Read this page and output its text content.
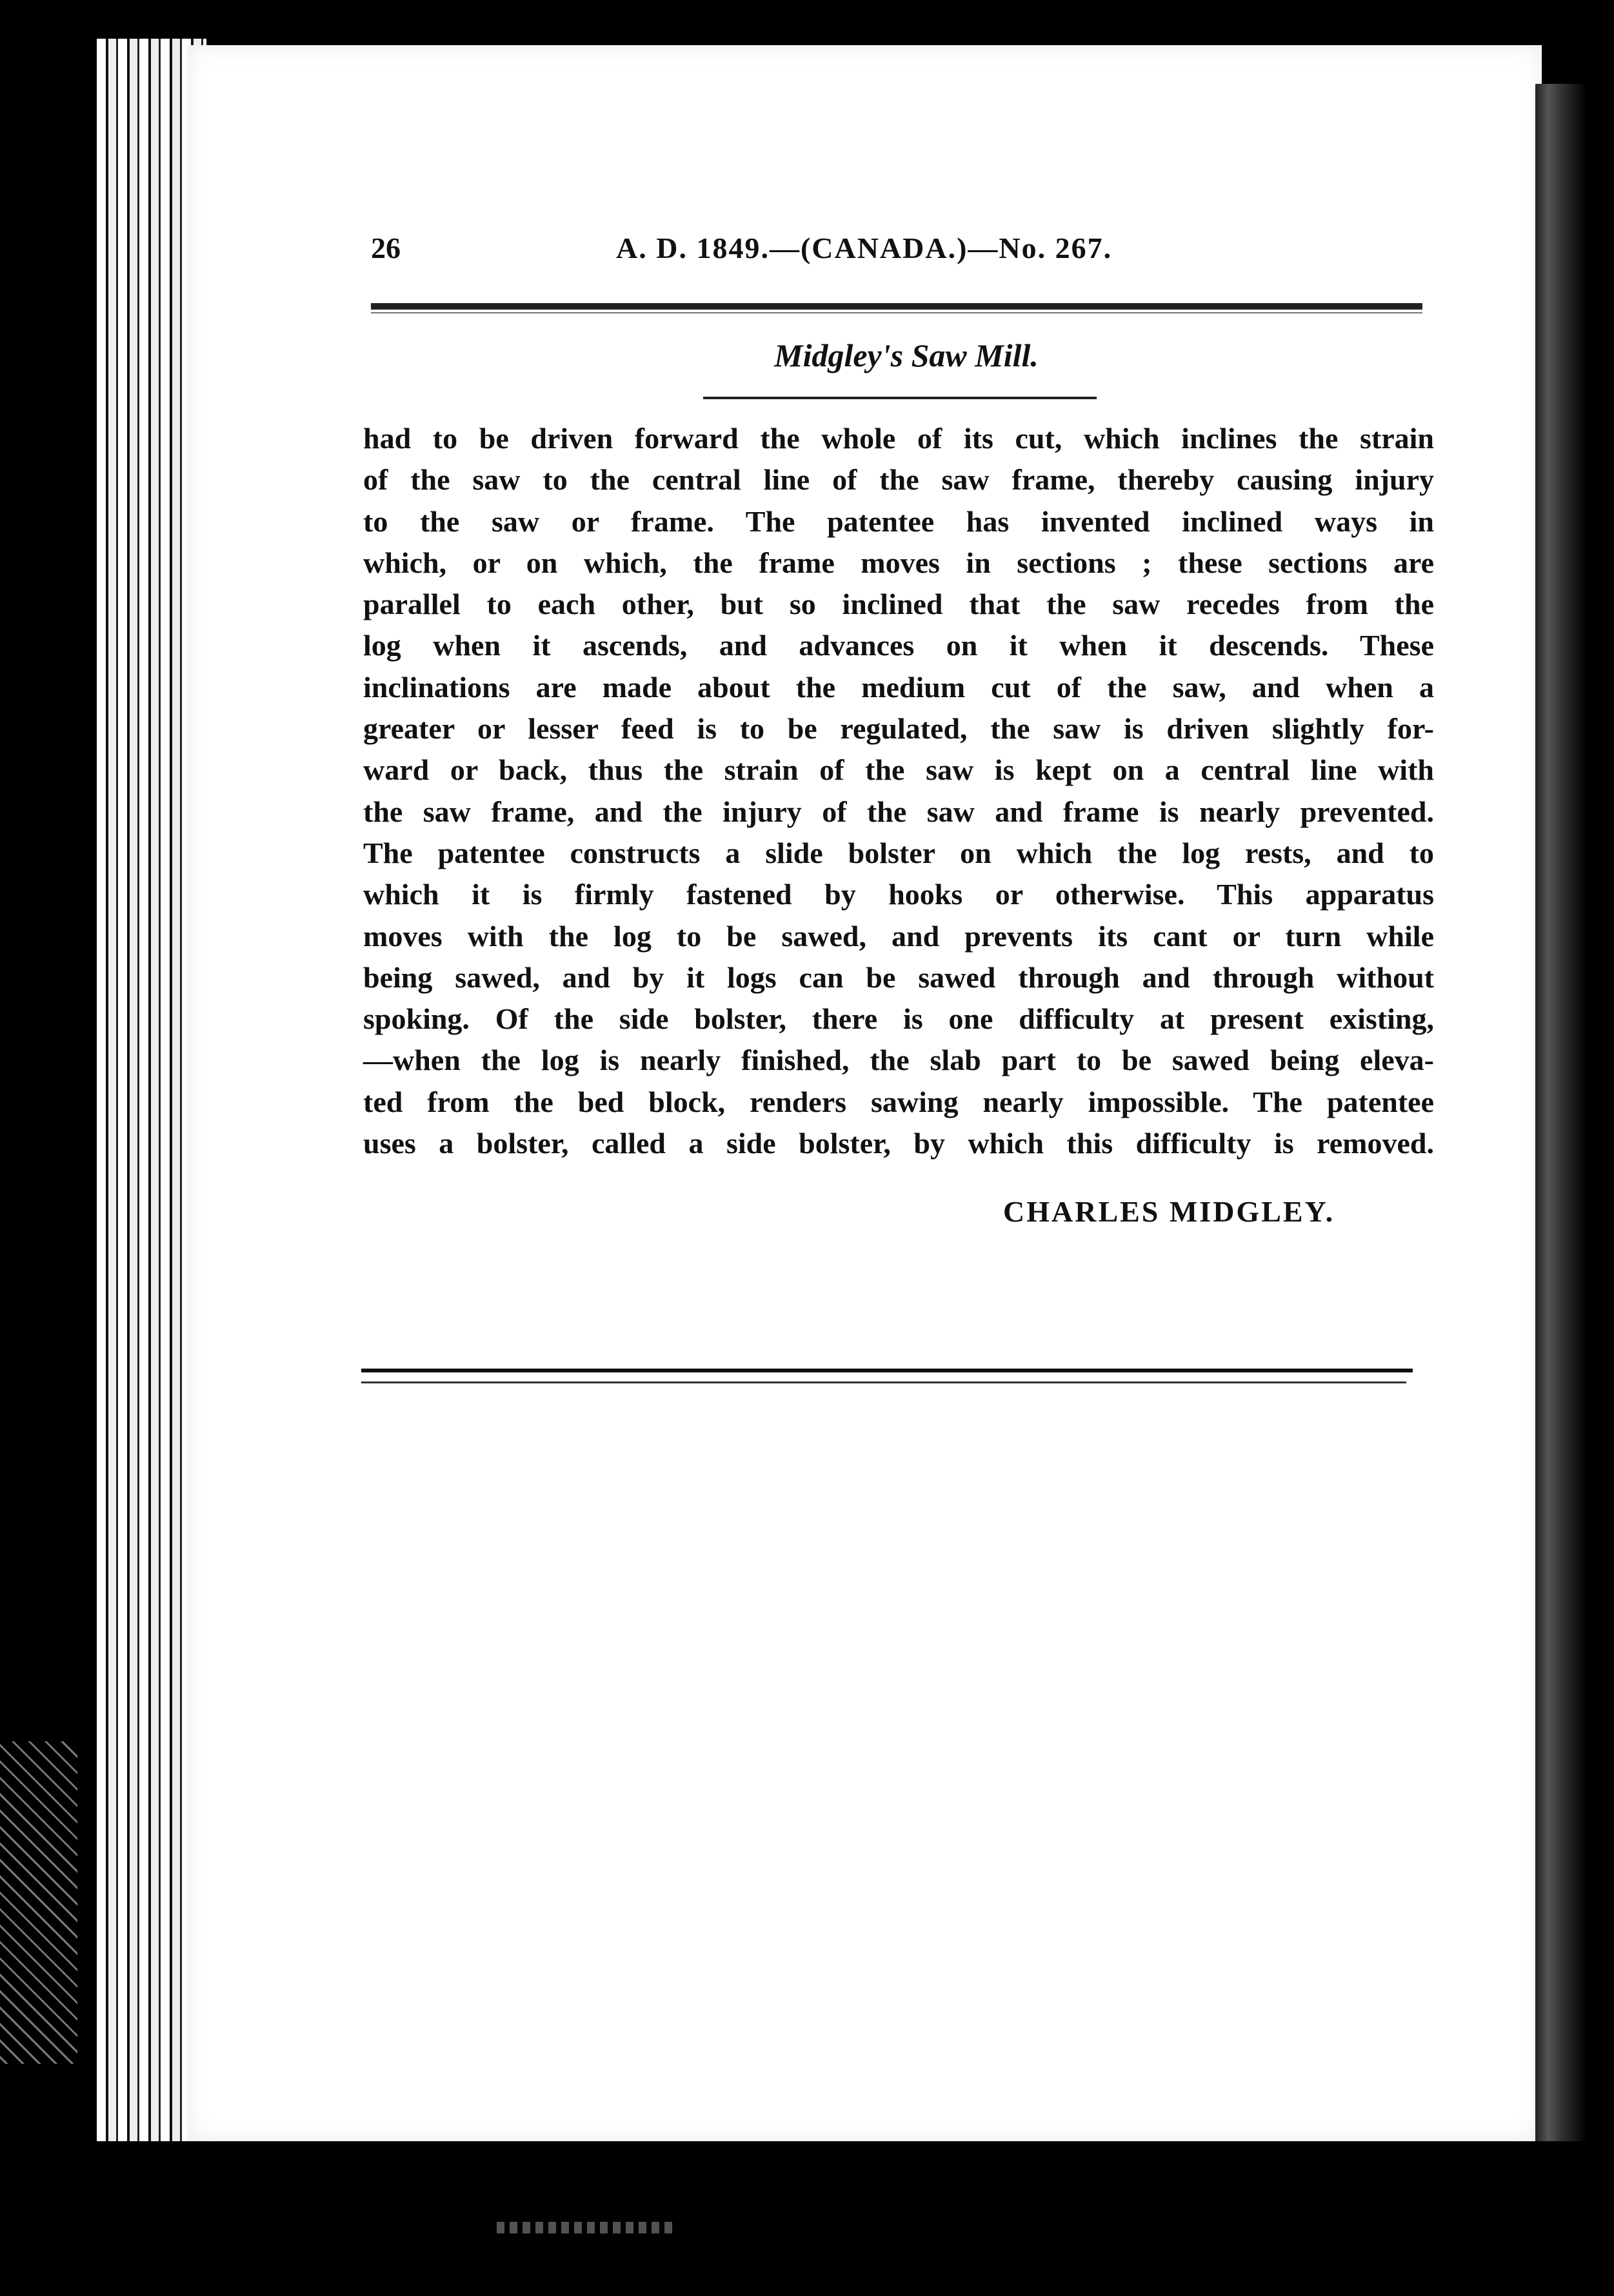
26	A. D. 1849.—(CANADA.)—No. 267.
Midgley's Saw Mill.
had to be driven forward the whole of its cut, which inclines the strain
of the saw to the central line of the saw frame, thereby causing injury
to the saw or frame. The patentee has invented inclined ways in
which, or on which, the frame moves in sections ; these sections are
parallel to each other, but so inclined that the saw recedes from the
log when it ascends, and advances on it when it descends. These
inclinations are made about the medium cut of the saw, and when a
greater or lesser feed is to be regulated, the saw is driven slightly for-
ward or back, thus the strain of the saw is kept on a central line with
the saw frame, and the injury of the saw and frame is nearly prevented.
The patentee constructs a slide bolster on which the log rests, and to
which it is firmly fastened by hooks or otherwise. This apparatus
moves with the log to be sawed, and prevents its cant or turn while
being sawed, and by it logs can be sawed through and through without
spoking. Of the side bolster, there is one difficulty at present existing,
—when the log is nearly finished, the slab part to be sawed being eleva-
ted from the bed block, renders sawing nearly impossible. The patentee
uses a bolster, called a side bolster, by which this difficulty is removed.
CHARLES MIDGLEY.
